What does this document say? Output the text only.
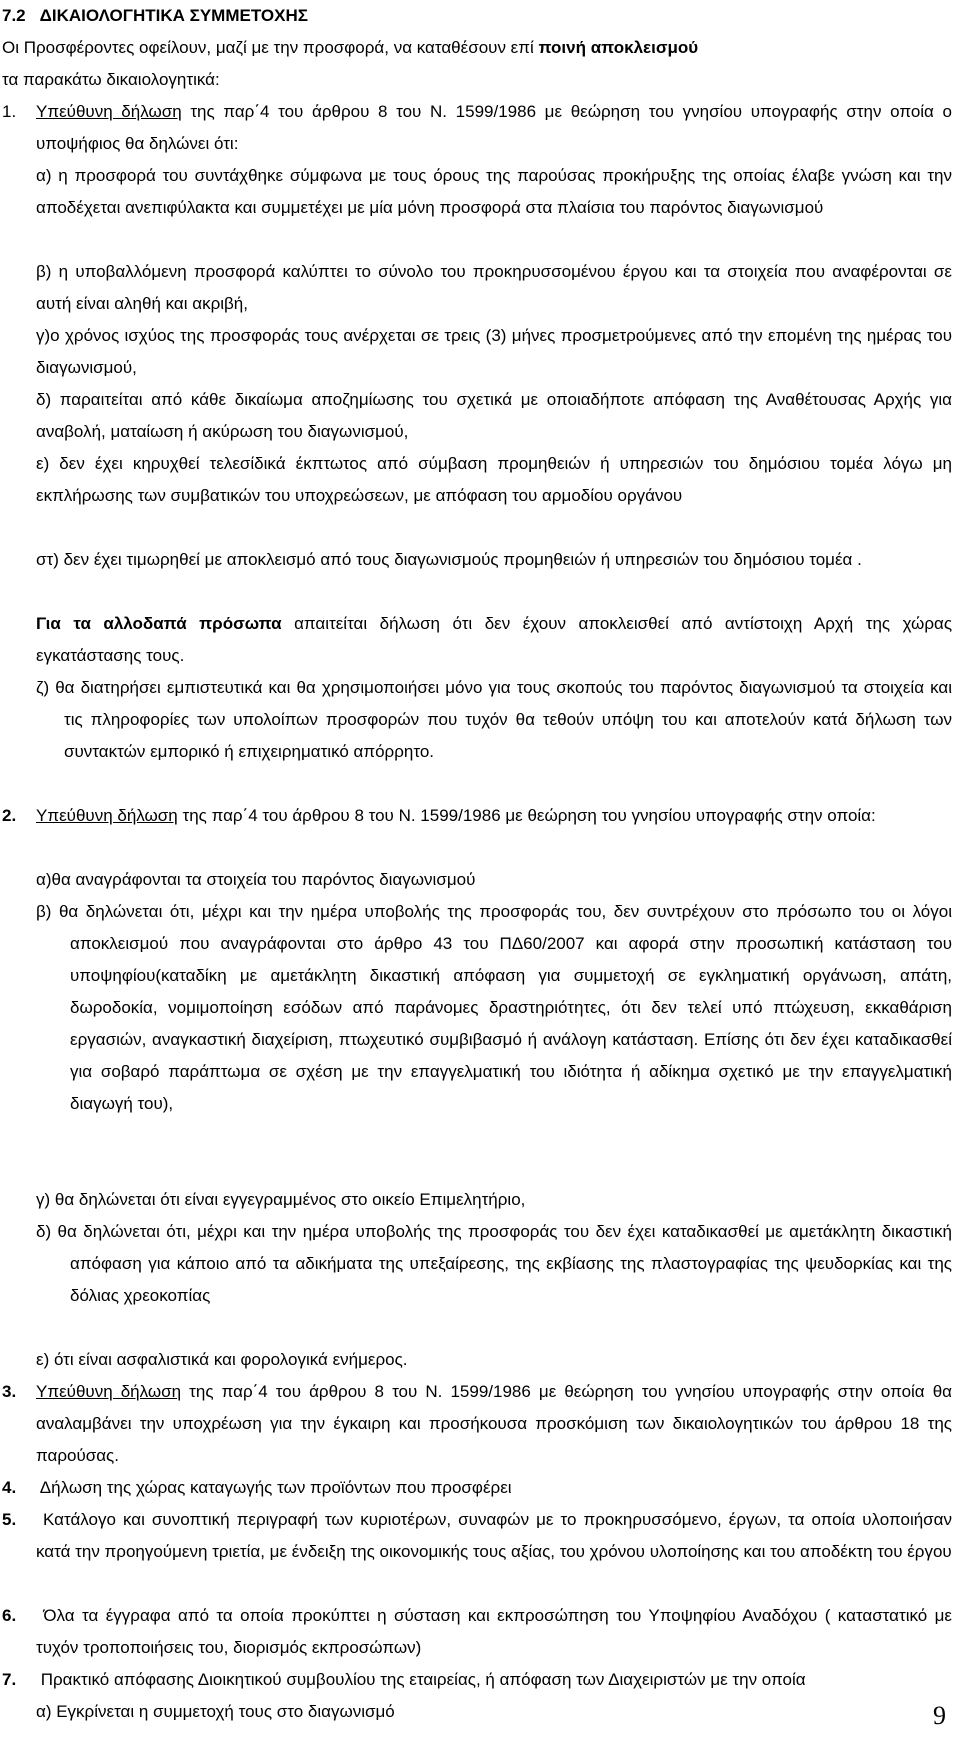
7.2 ΔΙΚΑΙΟΛΟΓΗΤΙΚΑ ΣΥΜΜΕΤΟΧΗΣ
Οι Προσφέροντες οφείλουν, μαζί με την προσφορά, να καταθέσουν επί ποινή αποκλεισμού
τα παρακάτω δικαιολογητικά:
1. Υπεύθυνη δήλωση της παρ΄4 του άρθρου 8 του Ν. 1599/1986 με θεώρηση του γνησίου υπογραφής στην οποία ο υποψήφιος θα δηλώνει ότι:
α) η προσφορά του συντάχθηκε σύμφωνα με τους όρους της παρούσας προκήρυξης της οποίας έλαβε γνώση και την αποδέχεται ανεπιφύλακτα και συμμετέχει με μία μόνη προσφορά στα πλαίσια του παρόντος διαγωνισμού
β) η υποβαλλόμενη προσφορά καλύπτει το σύνολο του προκηρυσσομένου έργου και τα στοιχεία που αναφέρονται σε αυτή είναι αληθή και ακριβή,
γ)ο χρόνος ισχύος της προσφοράς τους ανέρχεται σε τρεις (3) μήνες προσμετρούμενες από την επομένη της ημέρας του διαγωνισμού,
δ) παραιτείται από κάθε δικαίωμα αποζημίωσης του σχετικά με οποιαδήποτε απόφαση της Αναθέτουσας Αρχής για αναβολή, ματαίωση ή ακύρωση του διαγωνισμού,
ε) δεν έχει κηρυχθεί τελεσίδικά έκπτωτος από σύμβαση προμηθειών ή υπηρεσιών του δημόσιου τομέα λόγω μη εκπλήρωσης των συμβατικών του υποχρεώσεων, με απόφαση του αρμοδίου οργάνου
στ) δεν έχει τιμωρηθεί με αποκλεισμό από τους διαγωνισμούς προμηθειών ή υπηρεσιών του δημόσιου τομέα .
Για τα αλλοδαπά πρόσωπα απαιτείται δήλωση ότι δεν έχουν αποκλεισθεί από αντίστοιχη Αρχή της χώρας εγκατάστασης τους.
ζ) θα διατηρήσει εμπιστευτικά και θα χρησιμοποιήσει μόνο για τους σκοπούς του παρόντος διαγωνισμού τα στοιχεία και τις πληροφορίες των υπολοίπων προσφορών που τυχόν θα τεθούν υπόψη του και αποτελούν κατά δήλωση των συντακτών εμπορικό ή επιχειρηματικό απόρρητο.
2. Υπεύθυνη δήλωση της παρ΄4 του άρθρου 8 του Ν. 1599/1986 με θεώρηση του γνησίου υπογραφής στην οποία:
α)θα αναγράφονται τα στοιχεία του παρόντος διαγωνισμού
β) θα δηλώνεται ότι, μέχρι και την ημέρα υποβολής της προσφοράς του, δεν συντρέχουν στο πρόσωπο του οι λόγοι αποκλεισμού που αναγράφονται στο άρθρο 43 του ΠΔ60/2007 και αφορά στην προσωπική κατάσταση του υποψηφίου(καταδίκη με αμετάκλητη δικαστική απόφαση για συμμετοχή σε εγκληματική οργάνωση, απάτη, δωροδοκία, νομιμοποίηση εσόδων από παράνομες δραστηριότητες, ότι δεν τελεί υπό πτώχευση, εκκαθάριση εργασιών, αναγκαστική διαχείριση, πτωχευτικό συμβιβασμό ή ανάλογη κατάσταση. Επίσης ότι δεν έχει καταδικασθεί για σοβαρό παράπτωμα σε σχέση με την επαγγελματική του ιδιότητα ή αδίκημα σχετικό με την επαγγελματική διαγωγή του),
γ) θα δηλώνεται ότι είναι εγγεγραμμένος στο οικείο Επιμελητήριο,
δ) θα δηλώνεται ότι, μέχρι και την ημέρα υποβολής της προσφοράς του δεν έχει καταδικασθεί με αμετάκλητη δικαστική απόφαση για κάποιο από τα αδικήματα της υπεξαίρεσης, της εκβίασης της πλαστογραφίας της ψευδορκίας και της δόλιας χρεοκοπίας
ε) ότι είναι ασφαλιστικά και φορολογικά ενήμερος.
3. Υπεύθυνη δήλωση της παρ΄4 του άρθρου 8 του Ν. 1599/1986 με θεώρηση του γνησίου υπογραφής στην οποία θα αναλαμβάνει την υποχρέωση για την έγκαιρη και προσήκουσα προσκόμιση των δικαιολογητικών του άρθρου 18 της παρούσας.
4. Δήλωση της χώρας καταγωγής των προϊόντων που προσφέρει
5. Κατάλογο και συνοπτική περιγραφή των κυριοτέρων, συναφών με το προκηρυσσόμενο, έργων, τα οποία υλοποιήσαν κατά την προηγούμενη τριετία, με ένδειξη της οικονομικής τους αξίας, του χρόνου υλοποίησης και του αποδέκτη του έργου
6. Όλα τα έγγραφα από τα οποία προκύπτει η σύσταση και εκπροσώπηση του Υποψηφίου Αναδόχου ( καταστατικό με τυχόν τροποποιήσεις του, διορισμός εκπροσώπων)
7. Πρακτικό απόφασης Διοικητικού συμβουλίου της εταιρείας, ή απόφαση των Διαχειριστών με την οποία
α) Εγκρίνεται η συμμετοχή τους στο διαγωνισμό	9
